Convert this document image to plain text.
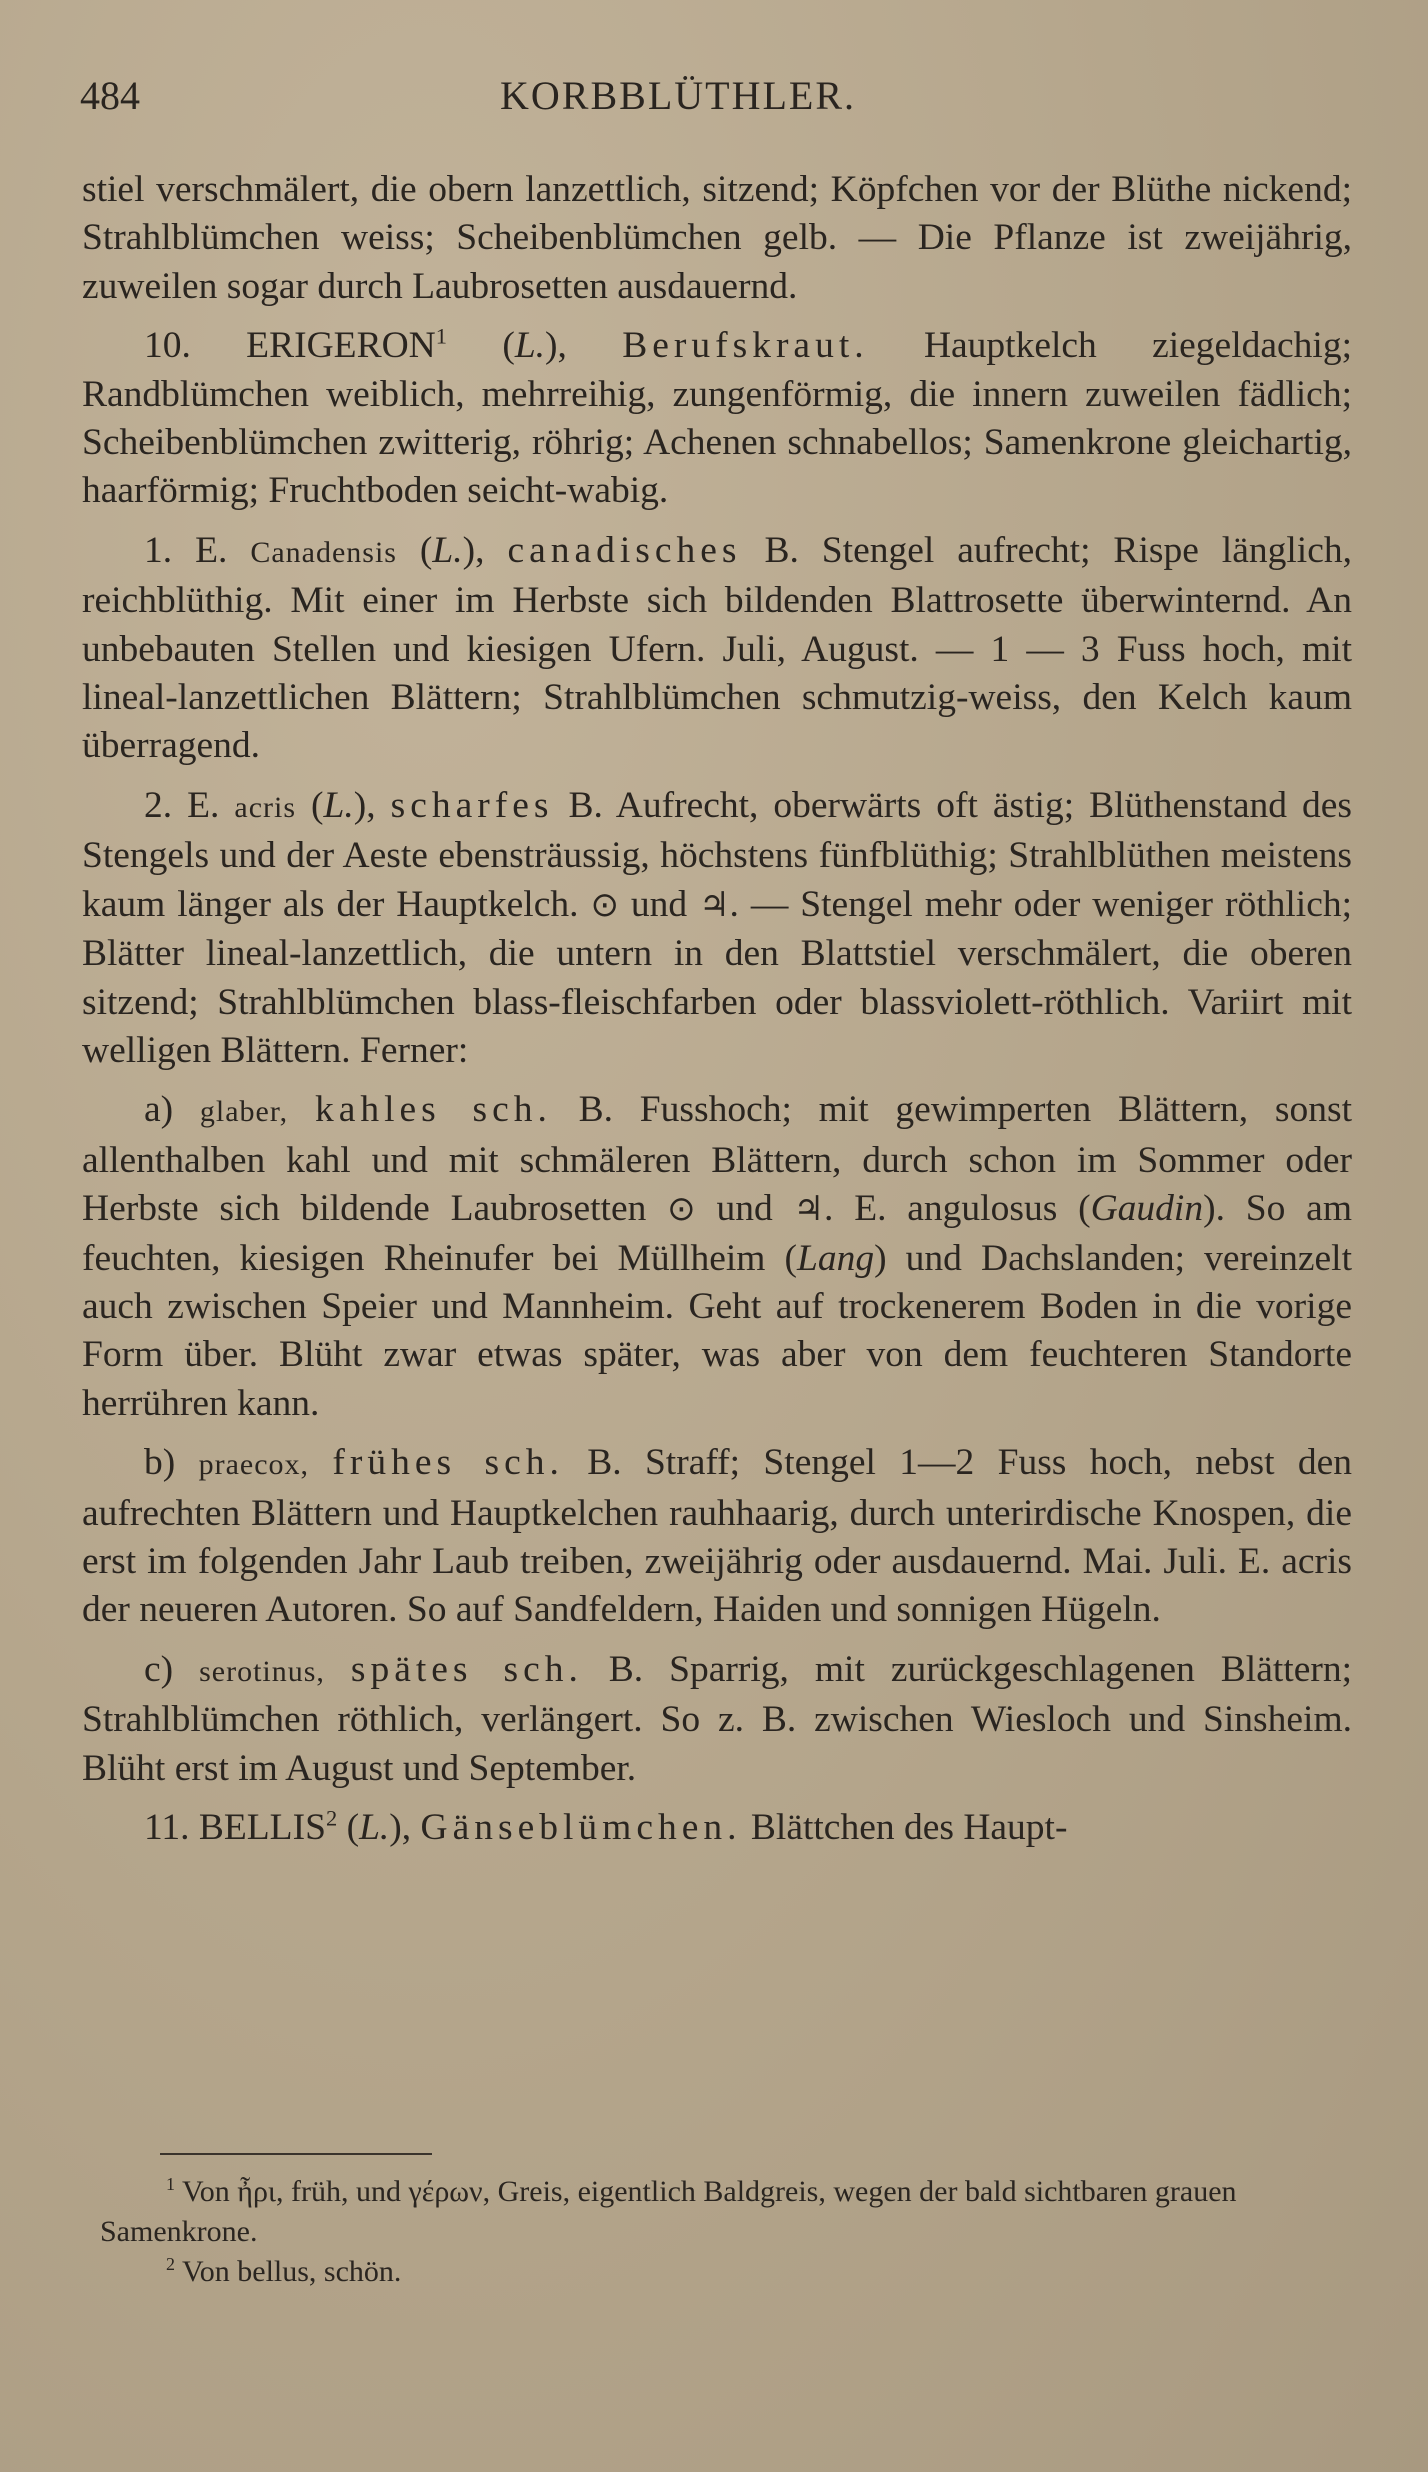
484	KORBBLÜTHLER.

stiel verschmälert, die obern lanzettlich, sitzend; Köpfchen vor der Blüthe nickend; Strahlblümchen weiss; Scheibenblümchen gelb. — Die Pflanze ist zweijährig, zuweilen sogar durch Laubrosetten ausdauernd.

10. ERIGERON$^1$ (L.), Berufskraut. Hauptkelch ziegeldachig; Randblümchen weiblich, mehrreihig, zungenförmig, die innern zuweilen fädlich; Scheibenblümchen zwitterig, röhrig; Achenen schnabellos; Samenkrone gleichartig, haarförmig; Fruchtboden seicht-wabig.

1. E. Canadensis (L.), canadisches B. Stengel aufrecht; Rispe länglich, reichblüthig. Mit einer im Herbste sich bildenden Blattrosette überwinternd. An unbebauten Stellen und kiesigen Ufern. Juli, August. — 1 — 3 Fuss hoch, mit lineal-lanzettlichen Blättern; Strahlblümchen schmutzig-weiss, den Kelch kaum überragend.

2. E. acris (L.), scharfes B. Aufrecht, oberwärts oft ästig; Blüthenstand des Stengels und der Aeste ebensträussig, höchstens fünfblüthig; Strahlblüthen meistens kaum länger als der Hauptkelch. ⊙ und ♃. — Stengel mehr oder weniger röthlich; Blätter lineal-lanzettlich, die untern in den Blattstiel verschmälert, die oberen sitzend; Strahlblümchen blass-fleischfarben oder blassviolett-röthlich. Variirt mit welligen Blättern. Ferner:

a) glaber, kahles sch. B. Fusshoch; mit gewimperten Blättern, sonst allenthalben kahl und mit schmäleren Blättern, durch schon im Sommer oder Herbste sich bildende Laubrosetten ⊙ und ♃. E. angulosus (Gaudin). So am feuchten, kiesigen Rheinufer bei Müllheim (Lang) und Dachslanden; vereinzelt auch zwischen Speier und Mannheim. Geht auf trockenerem Boden in die vorige Form über. Blüht zwar etwas später, was aber von dem feuchteren Standorte herrühren kann.

b) praecox, frühes sch. B. Straff; Stengel 1—2 Fuss hoch, nebst den aufrechten Blättern und Hauptkelchen rauhhaarig, durch unterirdische Knospen, die erst im folgenden Jahr Laub treiben, zweijährig oder ausdauernd. Mai. Juli. E. acris der neueren Autoren. So auf Sandfeldern, Haiden und sonnigen Hügeln.

c) serotinus, spätes sch. B. Sparrig, mit zurückgeschlagenen Blättern; Strahlblümchen röthlich, verlängert. So z. B. zwischen Wiesloch und Sinsheim. Blüht erst im August und September.

11. BELLIS$^2$ (L.), Gänseblümchen. Blättchen des Haupt-

$^1$ Von ἦρι, früh, und γέρων, Greis, eigentlich Baldgreis, wegen der bald sichtbaren grauen Samenkrone.

$^2$ Von bellus, schön.
